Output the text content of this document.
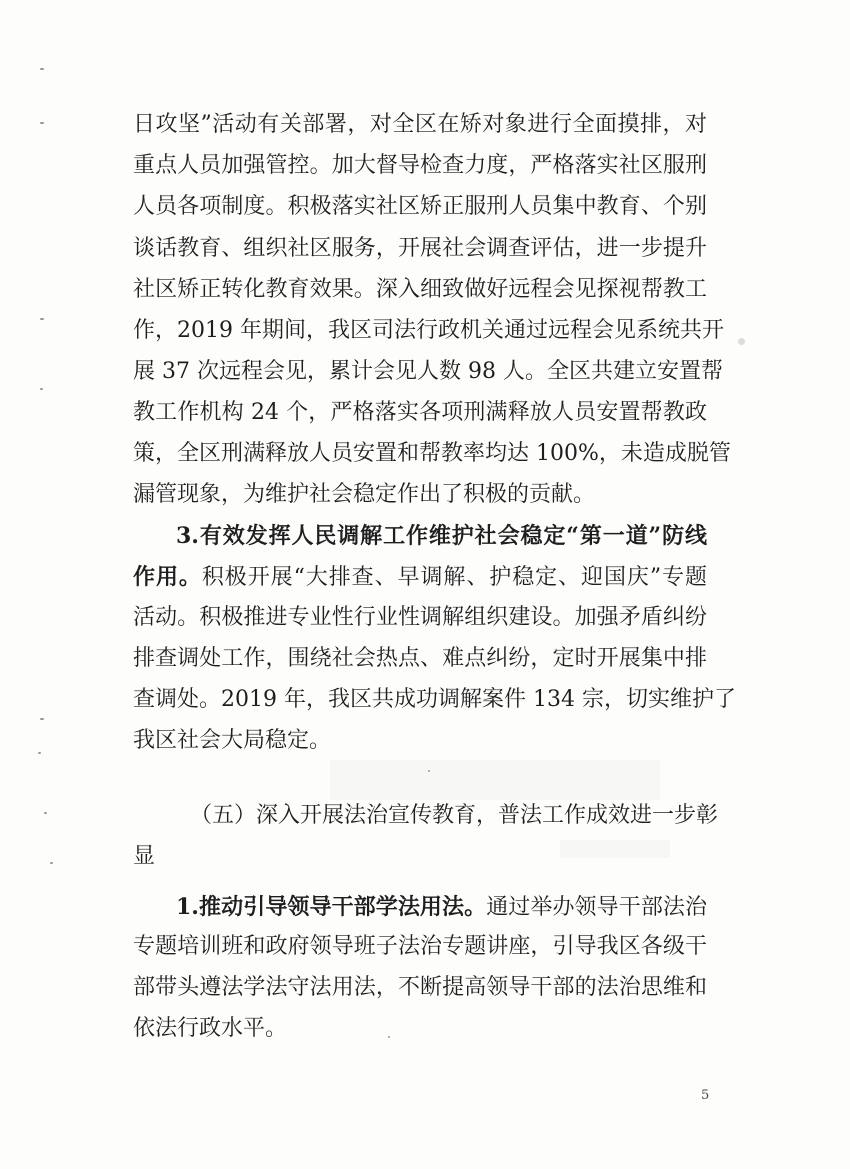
日攻坚”活动有关部署，对全区在矫对象进行全面摸排，对
重点人员加强管控。加大督导检查力度，严格落实社区服刑
人员各项制度。积极落实社区矫正服刑人员集中教育、个别
谈话教育、组织社区服务，开展社会调查评估，进一步提升
社区矫正转化教育效果。深入细致做好远程会见探视帮教工
作，2019 年期间，我区司法行政机关通过远程会见系统共开
展 37 次远程会见，累计会见人数 98 人。全区共建立安置帮
教工作机构 24 个，严格落实各项刑满释放人员安置帮教政
策，全区刑满释放人员安置和帮教率均达 100%，未造成脱管
漏管现象，为维护社会稳定作出了积极的贡献。
3.有效发挥人民调解工作维护社会稳定“第一道”防线
作用。积极开展“大排查、早调解、护稳定、迎国庆”专题
活动。积极推进专业性行业性调解组织建设。加强矛盾纠纷
排查调处工作，围绕社会热点、难点纠纷，定时开展集中排
查调处。2019 年，我区共成功调解案件 134 宗，切实维护了
我区社会大局稳定。
（五）深入开展法治宣传教育，普法工作成效进一步彰
显
1.推动引导领导干部学法用法。通过举办领导干部法治
专题培训班和政府领导班子法治专题讲座，引导我区各级干
部带头遵法学法守法用法，不断提高领导干部的法治思维和
依法行政水平。
5
